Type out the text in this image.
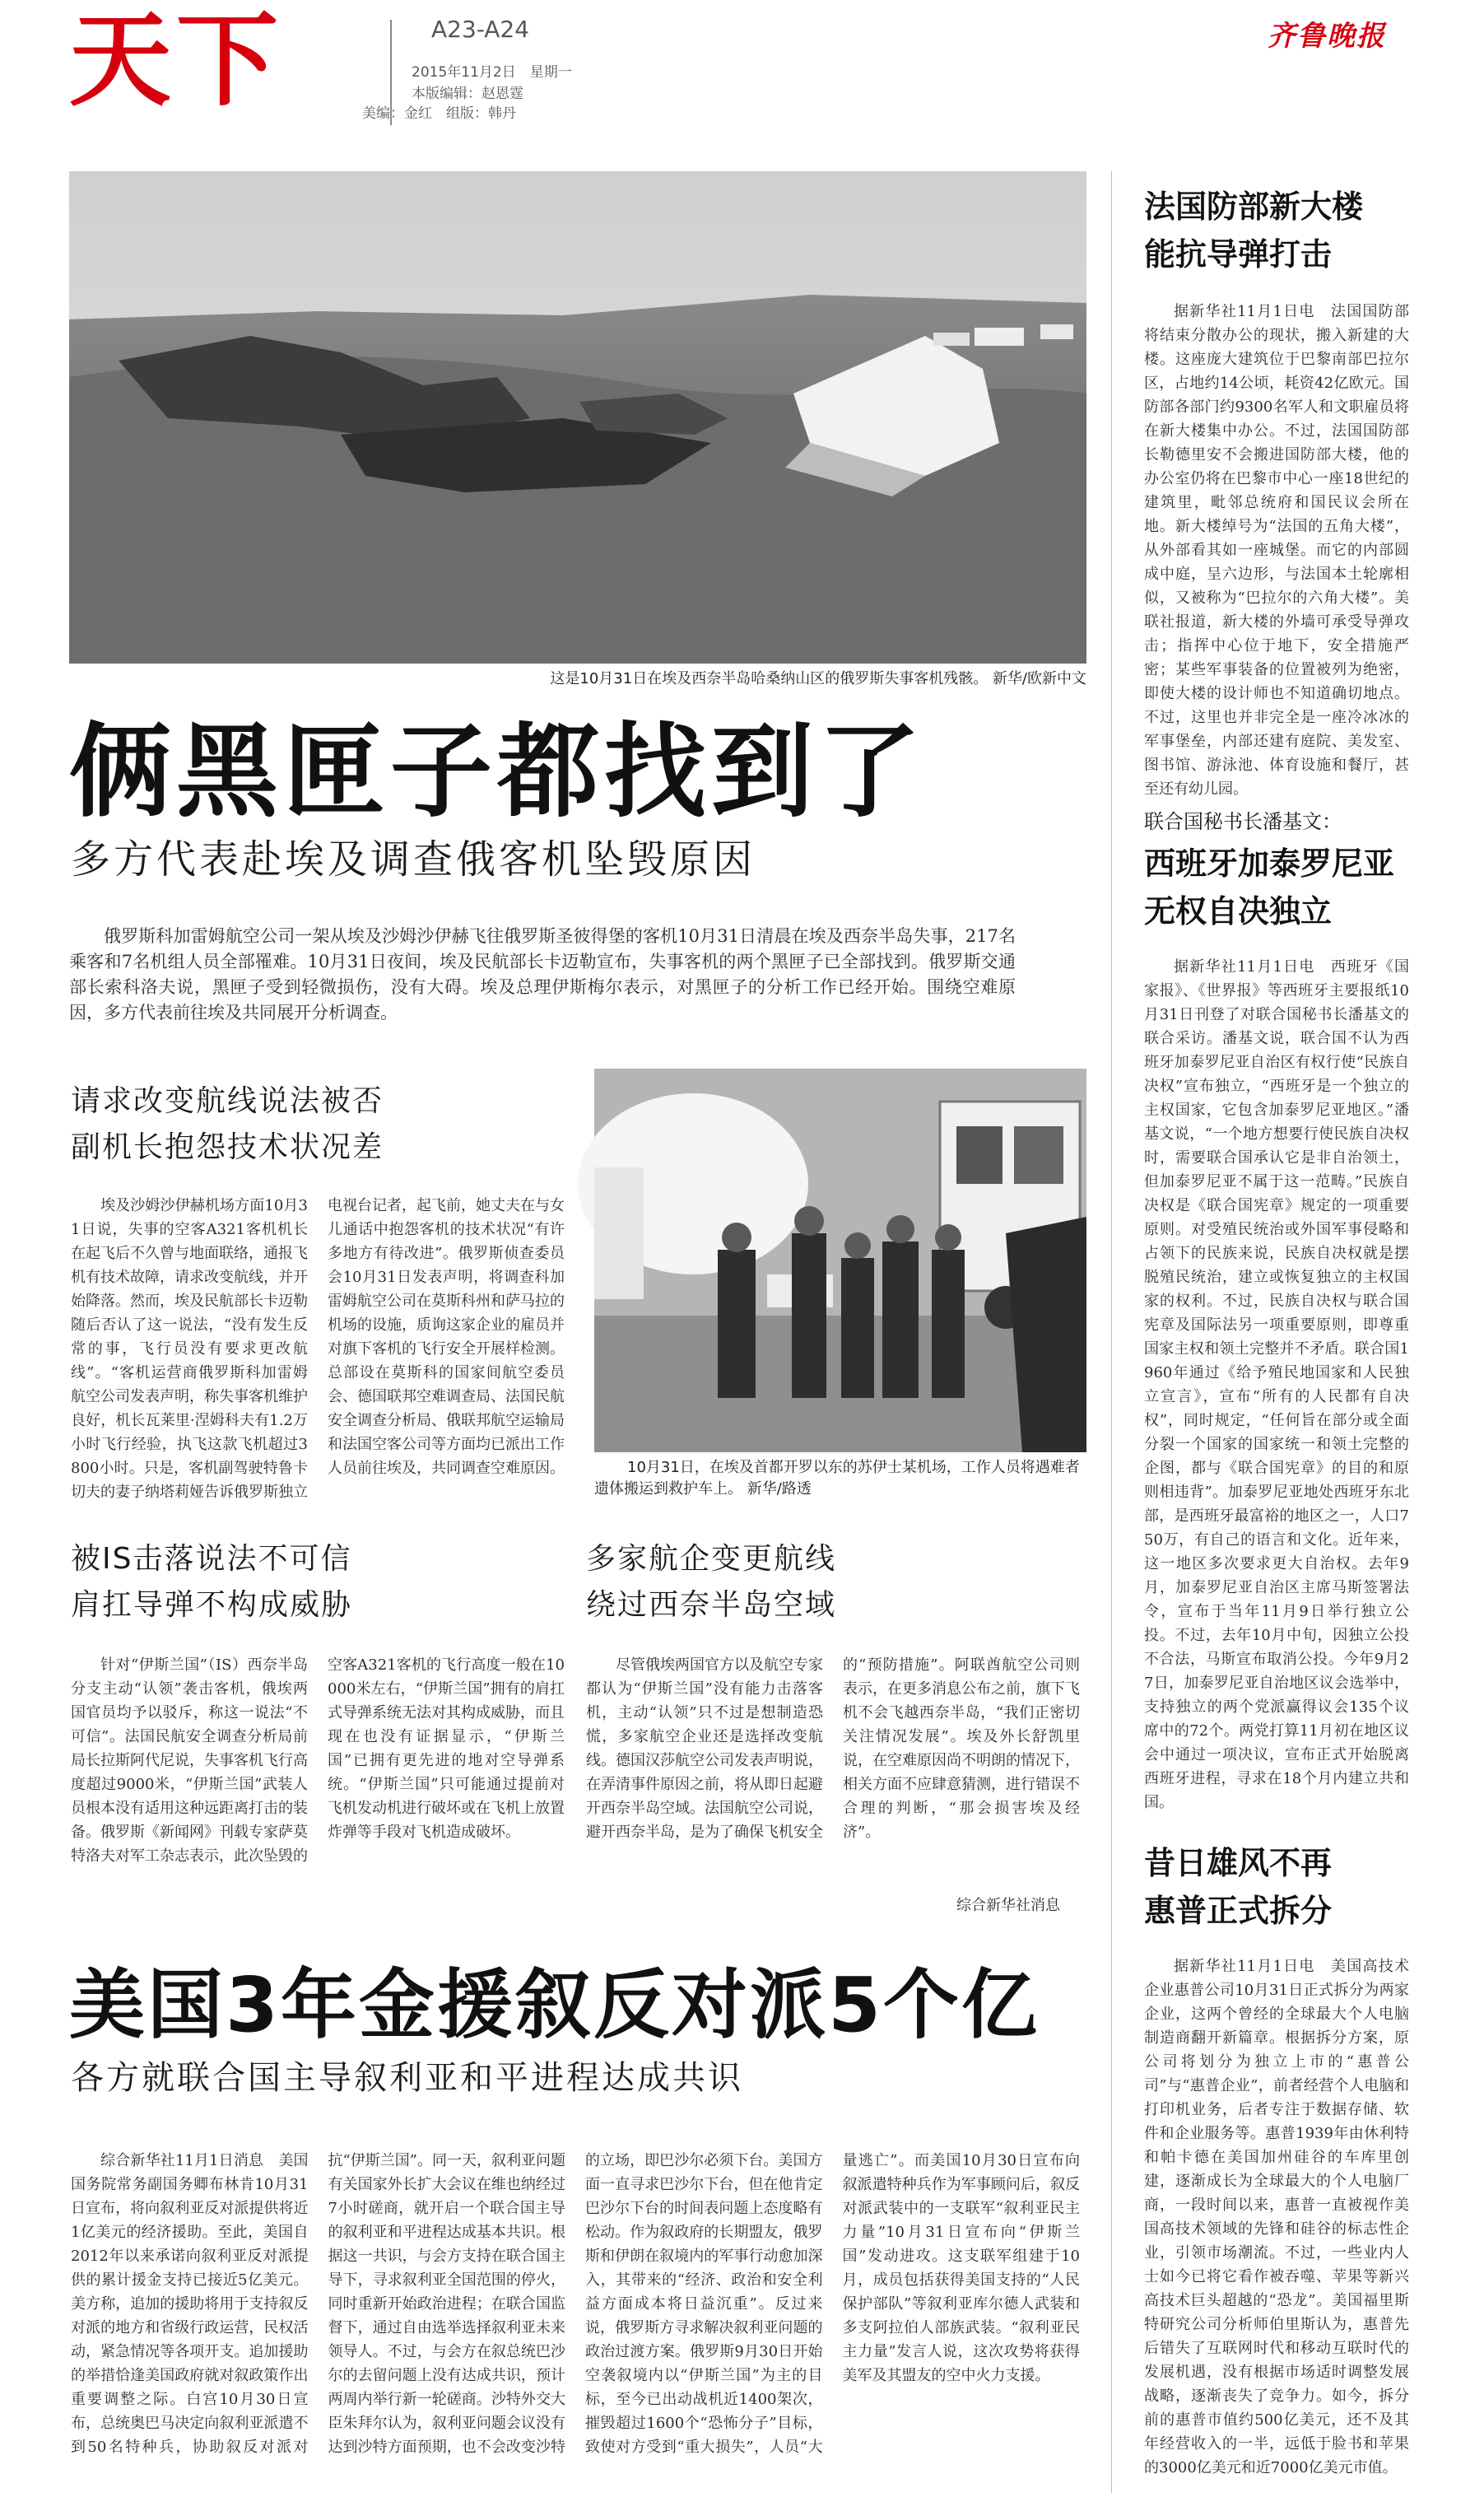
天下	A23-A24
2015年11月2日　星期一
本版编辑：赵恩霆
美编：金红　组版：韩丹
齐鲁晚报
这是10月31日在埃及西奈半岛哈桑纳山区的俄罗斯失事客机残骸。 新华/欧新中文
俩黑匣子都找到了
多方代表赴埃及调查俄客机坠毁原因
俄罗斯科加雷姆航空公司一架从埃及沙姆沙伊赫飞往俄罗斯圣彼得堡的客机10月31日清晨在埃及西奈半岛失事，217名乘客和7名机组人员全部罹难。10月31日夜间，埃及民航部长卡迈勒宣布，失事客机的两个黑匣子已全部找到。俄罗斯交通部长索科洛夫说，黑匣子受到轻微损伤，没有大碍。埃及总理伊斯梅尔表示，对黑匣子的分析工作已经开始。围绕空难原因，多方代表前往埃及共同展开分析调查。
请求改变航线说法被否
副机长抱怨技术状况差
埃及沙姆沙伊赫机场方面10月31日说，失事的空客A321客机机长在起飞后不久曾与地面联络，通报飞机有技术故障，请求改变航线，并开始降落。然而，埃及民航部长卡迈勒随后否认了这一说法，“没有发生反常的事，飞行员没有要求更改航线”。“客机运营商俄罗斯科加雷姆航空公司发表声明，称失事客机维护良好，机长瓦莱里·涅姆科夫有1.2万小时飞行经验，执飞这款飞机超过3800小时。只是，客机副驾驶特鲁卡切夫的妻子纳塔莉娅告诉俄罗斯独立电视台记者，起飞前，她丈夫在与女儿通话中抱怨客机的技术状况“有许多地方有待改进”。俄罗斯侦查委员会10月31日发表声明，将调查科加雷姆航空公司在莫斯科州和萨马拉的机场的设施，质询这家企业的雇员并对旗下客机的飞行安全开展样检测。总部设在莫斯科的国家间航空委员会、德国联邦空难调查局、法国民航安全调查分析局、俄联邦航空运输局和法国空客公司等方面均已派出工作人员前往埃及，共同调查空难原因。	10月31日，在埃及首都开罗以东的苏伊士某机场，工作人员将遇难者遗体搬运到救护车上。 新华/路透
被IS击落说法不可信
肩扛导弹不构成威胁
针对“伊斯兰国”（IS）西奈半岛分支主动“认领”袭击客机，俄埃两国官员均予以驳斥，称这一说法“不可信”。法国民航安全调查分析局前局长拉斯阿代尼说，失事客机飞行高度超过9000米，“伊斯兰国”武装人员根本没有适用这种远距离打击的装备。俄罗斯《新闻网》刊载专家萨莫特洛夫对军工杂志表示，此次坠毁的空客A321客机的飞行高度一般在10000米左右，“伊斯兰国”拥有的肩扛式导弹系统无法对其构成威胁，而且现在也没有证据显示，“伊斯兰国”已拥有更先进的地对空导弹系统。“伊斯兰国”只可能通过提前对飞机发动机进行破坏或在飞机上放置炸弹等手段对飞机造成破坏。
多家航企变更航线
绕过西奈半岛空域
尽管俄埃两国官方以及航空专家都认为“伊斯兰国”没有能力击落客机，主动“认领”只不过是想制造恐慌，多家航空企业还是选择改变航线。德国汉莎航空公司发表声明说，在弄清事件原因之前，将从即日起避开西奈半岛空域。法国航空公司说，避开西奈半岛，是为了确保飞机安全的“预防措施”。阿联酋航空公司则表示，在更多消息公布之前，旗下飞机不会飞越西奈半岛，“我们正密切关注情况发展”。埃及外长舒凯里说，在空难原因尚不明朗的情况下，相关方面不应肆意猜测，进行错误不合理的判断，“那会损害埃及经济”。
综合新华社消息
美国3年金援叙反对派5个亿
各方就联合国主导叙利亚和平进程达成共识
综合新华社11月1日消息　美国国务院常务副国务卿布林肯10月31日宣布，将向叙利亚反对派提供将近1亿美元的经济援助。至此，美国自2012年以来承诺向叙利亚反对派提供的累计援金支持已接近5亿美元。美方称，追加的援助将用于支持叙反对派的地方和省级行政运营，民权活动，紧急情况等各项开支。追加援助的举措恰逢美国政府就对叙政策作出重要调整之际。白宫10月30日宣布，总统奥巴马决定向叙利亚派遣不到50名特种兵，协助叙反对派对抗“伊斯兰国”。同一天，叙利亚问题有关国家外长扩大会议在维也纳经过7小时磋商，就开启一个联合国主导的叙利亚和平进程达成基本共识。根据这一共识，与会方支持在联合国主导下，寻求叙利亚全国范围的停火，同时重新开始政治进程；在联合国监督下，通过自由选举选择叙利亚未来领导人。不过，与会方在叙总统巴沙尔的去留问题上没有达成共识，预计两周内举行新一轮磋商。沙特外交大臣朱拜尔认为，叙利亚问题会议没有达到沙特方面预期，也不会改变沙特的立场，即巴沙尔必须下台。美国方面一直寻求巴沙尔下台，但在他肯定巴沙尔下台的时间表问题上态度略有松动。作为叙政府的长期盟友，俄罗斯和伊朗在叙境内的军事行动愈加深入，其带来的“经济、政治和安全利益方面成本将日益沉重”。反过来说，俄罗斯方寻求解决叙利亚问题的政治过渡方案。俄罗斯9月30日开始空袭叙境内以“伊斯兰国”为主的目标，至今已出动战机近1400架次，摧毁超过1600个“恐怖分子”目标，致使对方受到“重大损失”，人员“大量逃亡”。而美国10月30日宣布向叙派遣特种兵作为军事顾问后，叙反对派武装中的一支联军“叙利亚民主力量”10月31日宣布向“伊斯兰国”发动进攻。这支联军组建于10月，成员包括获得美国支持的“人民保护部队”等叙利亚库尔德人武装和多支阿拉伯人部族武装。“叙利亚民主力量”发言人说，这次攻势将获得美军及其盟友的空中火力支援。
法国防部新大楼
能抗导弹打击
据新华社11月1日电　法国国防部将结束分散办公的现状，搬入新建的大楼。这座庞大建筑位于巴黎南部巴拉尔区，占地约14公顷，耗资42亿欧元。国防部各部门约9300名军人和文职雇员将在新大楼集中办公。不过，法国国防部长勒德里安不会搬进国防部大楼，他的办公室仍将在巴黎市中心一座18世纪的建筑里，毗邻总统府和国民议会所在地。新大楼绰号为“法国的五角大楼”，从外部看其如一座城堡。而它的内部圆成中庭，呈六边形，与法国本土轮廓相似，又被称为“巴拉尔的六角大楼”。美联社报道，新大楼的外墙可承受导弹攻击；指挥中心位于地下，安全措施严密；某些军事装备的位置被列为绝密，即使大楼的设计师也不知道确切地点。不过，这里也并非完全是一座冷冰冰的军事堡垒，内部还建有庭院、美发室、图书馆、游泳池、体育设施和餐厅，甚至还有幼儿园。
联合国秘书长潘基文：
西班牙加泰罗尼亚
无权自决独立
据新华社11月1日电　西班牙《国家报》、《世界报》等西班牙主要报纸10月31日刊登了对联合国秘书长潘基文的联合采访。潘基文说，联合国不认为西班牙加泰罗尼亚自治区有权行使“民族自决权”宣布独立，“西班牙是一个独立的主权国家，它包含加泰罗尼亚地区。”潘基文说，“一个地方想要行使民族自决权时，需要联合国承认它是非自治领土，但加泰罗尼亚不属于这一范畴。”民族自决权是《联合国宪章》规定的一项重要原则。对受殖民统治或外国军事侵略和占领下的民族来说，民族自决权就是摆脱殖民统治，建立或恢复独立的主权国家的权利。不过，民族自决权与联合国宪章及国际法另一项重要原则，即尊重国家主权和领土完整并不矛盾。联合国1960年通过《给予殖民地国家和人民独立宣言》，宣布“所有的人民都有自决权”，同时规定，“任何旨在部分或全面分裂一个国家的国家统一和领土完整的企图，都与《联合国宪章》的目的和原则相违背”。加泰罗尼亚地处西班牙东北部，是西班牙最富裕的地区之一，人口750万，有自己的语言和文化。近年来，这一地区多次要求更大自治权。去年9月，加泰罗尼亚自治区主席马斯签署法令，宣布于当年11月9日举行独立公投。不过，去年10月中旬，因独立公投不合法，马斯宣布取消公投。今年9月27日，加泰罗尼亚自治地区议会选举中，支持独立的两个党派赢得议会135个议席中的72个。两党打算11月初在地区议会中通过一项决议，宣布正式开始脱离西班牙进程，寻求在18个月内建立共和国。
昔日雄风不再
惠普正式拆分
据新华社11月1日电　美国高技术企业惠普公司10月31日正式拆分为两家企业，这两个曾经的全球最大个人电脑制造商翻开新篇章。根据拆分方案，原公司将划分为独立上市的“惠普公司”与“惠普企业”，前者经营个人电脑和打印机业务，后者专注于数据存储、软件和企业服务等。惠普1939年由休利特和帕卡德在美国加州硅谷的车库里创建，逐渐成长为全球最大的个人电脑厂商，一段时间以来，惠普一直被视作美国高技术领域的先锋和硅谷的标志性企业，引领市场潮流。不过，一些业内人士如今已将它看作被吞噬、苹果等新兴高技术巨头超越的“恐龙”。美国福里斯特研究公司分析师伯里斯认为，惠普先后错失了互联网时代和移动互联时代的发展机遇，没有根据市场适时调整发展战略，逐渐丧失了竞争力。如今，拆分前的惠普市值约500亿美元，还不及其年经营收入的一半，远低于脸书和苹果的3000亿美元和近7000亿美元市值。
